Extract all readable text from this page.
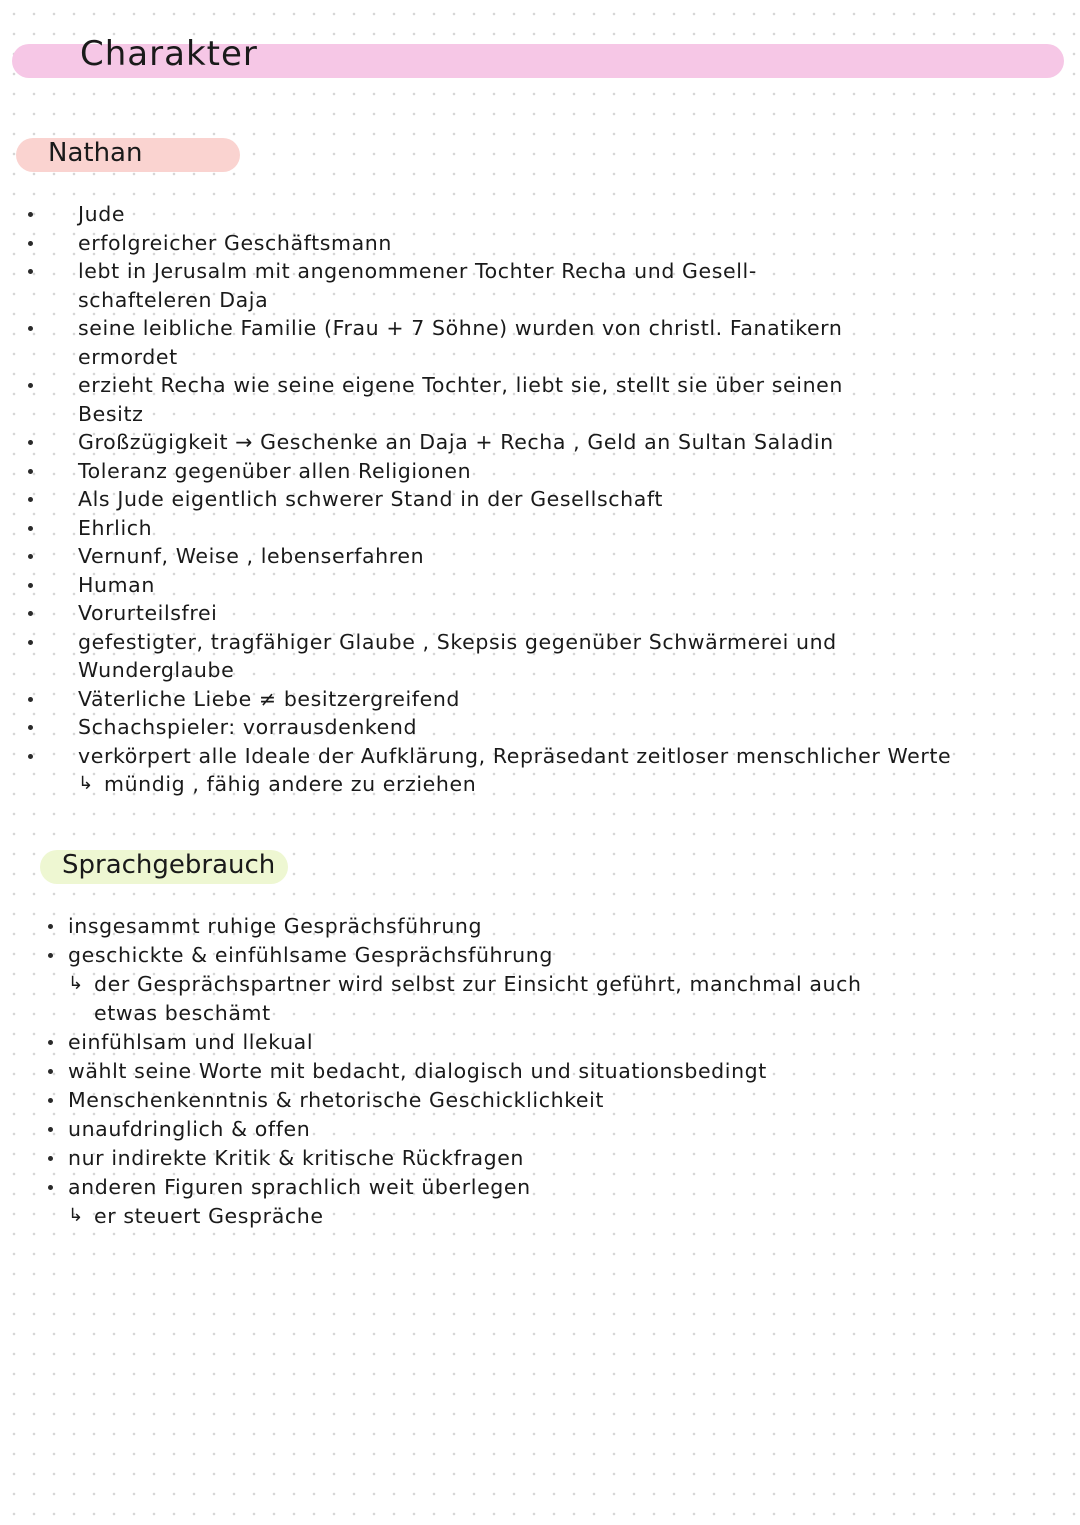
Charakter
Nathan
Jude
erfolgreicher Geschäftsmann
lebt in Jerusalm mit angenommener Tochter Recha und Gesell-
schafteleren Daja
seine leibliche Familie (Frau + 7 Söhne) wurden von christl. Fanatikern
ermordet
erzieht Recha wie seine eigene Tochter, liebt sie, stellt sie über seinen
Besitz
Großzügigkeit → Geschenke an Daja + Recha , Geld an Sultan Saladin
Toleranz gegenüber allen Religionen
Als Jude eigentlich schwerer Stand in der Gesellschaft
Ehrlich
Vernunf, Weise , lebenserfahren
Human
Vorurteilsfrei
gefestigter, tragfähiger Glaube , Skepsis gegenüber Schwärmerei und
Wunderglaube
Väterliche Liebe ≠ besitzergreifend
Schachspieler: vorrausdenkend
verkörpert alle Ideale der Aufklärung, Repräsedant zeitloser menschlicher Werte
↳ mündig , fähig andere zu erziehen
Sprachgebrauch
insgesammt ruhige Gesprächsführung
geschickte & einfühlsame Gesprächsführung
↳ der Gesprächspartner wird selbst zur Einsicht geführt, manchmal auch
etwas beschämt
einfühlsam und llekual
wählt seine Worte mit bedacht, dialogisch und situationsbedingt
Menschenkenntnis & rhetorische Geschicklichkeit
unaufdringlich & offen
nur indirekte Kritik & kritische Rückfragen
anderen Figuren sprachlich weit überlegen
↳ er steuert Gespräche
